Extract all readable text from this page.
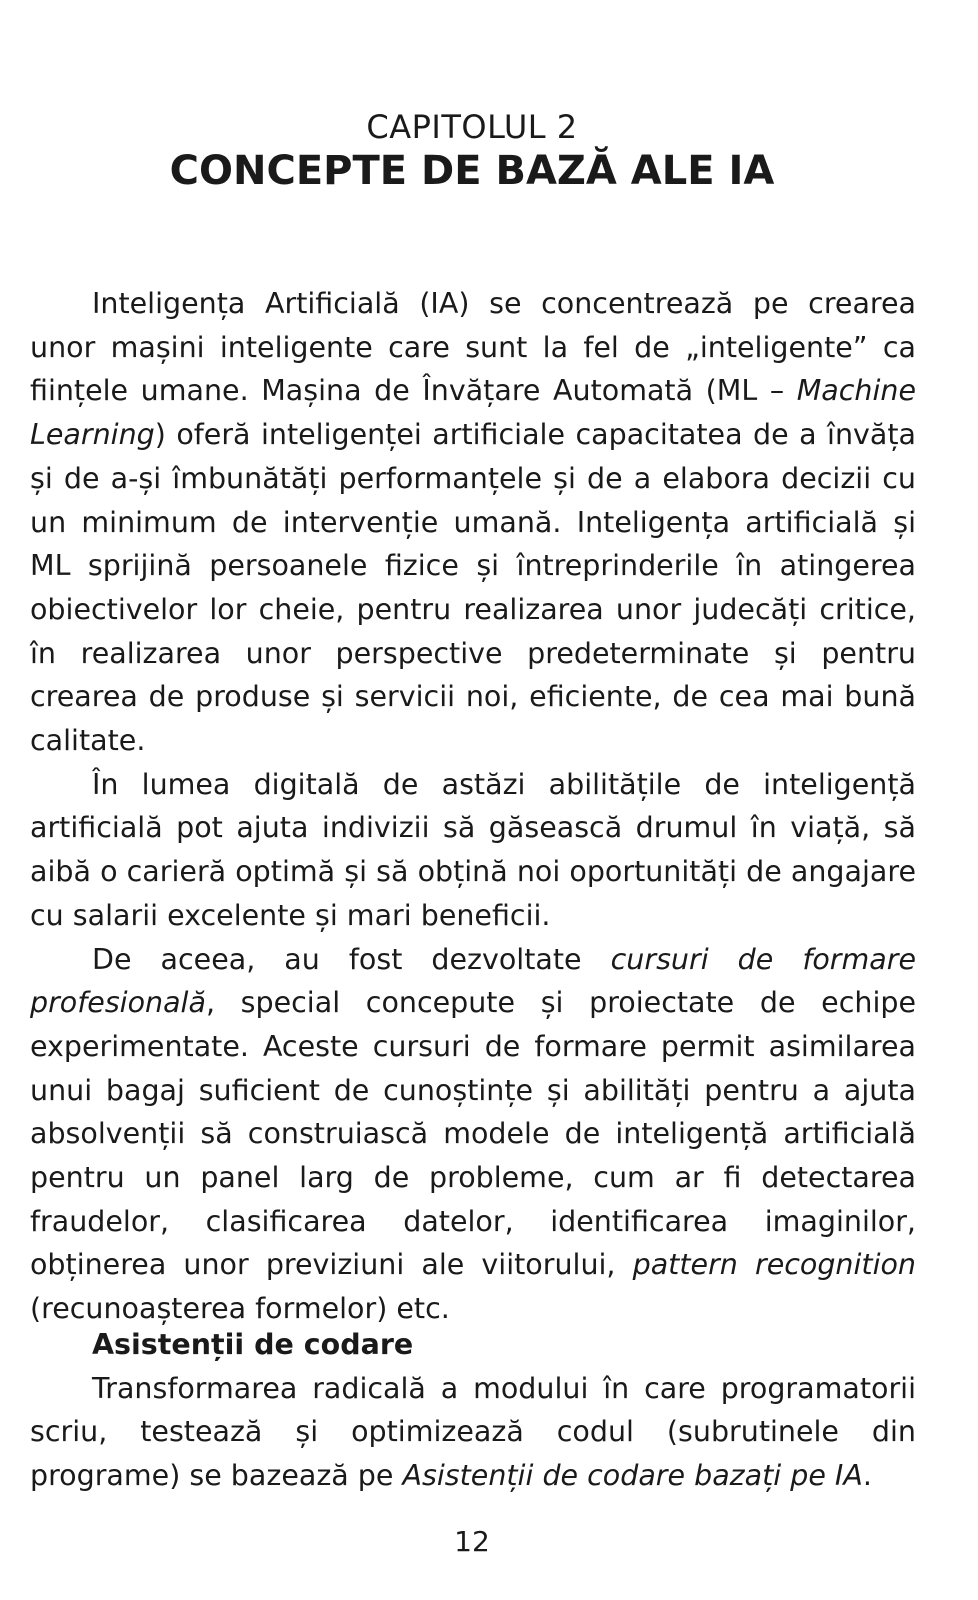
CAPITOLUL 2
CONCEPTE DE BAZĂ ALE IA

Inteligența Artificială (IA) se concentrează pe crearea unor mașini inteligente care sunt la fel de „inteligente” ca ființele umane. Mașina de Învățare Automată (ML – Machine Learning) oferă inteligenței artificiale capacitatea de a învăța și de a-și îmbunătăți performanțele și de a elabora decizii cu un minimum de intervenție umană. Inteligența artificială și ML sprijină persoanele fizice și întreprinderile în atingerea obiectivelor lor cheie, pentru realizarea unor judecăți critice, în realizarea unor perspective predeterminate și pentru crearea de produse și servicii noi, eficiente, de cea mai bună calitate.

În lumea digitală de astăzi abilitățile de inteligență artificială pot ajuta indivizii să găsească drumul în viață, să aibă o carieră optimă și să obțină noi oportunități de angajare cu salarii excelente și mari beneficii.

De aceea, au fost dezvoltate cursuri de formare profesională, special concepute și proiectate de echipe experimentate. Aceste cursuri de formare permit asimilarea unui bagaj suficient de cunoștințe și abilități pentru a ajuta absolvenții să construiască modele de inteligență artificială pentru un panel larg de probleme, cum ar fi detectarea fraudelor, clasificarea datelor, identificarea imaginilor, obținerea unor previziuni ale viitorului, pattern recognition (recunoașterea formelor) etc.

Asistenții de codare

Transformarea radicală a modului în care programatorii scriu, testează și optimizează codul (subrutinele din programe) se bazează pe Asistenții de codare bazați pe IA.

12
